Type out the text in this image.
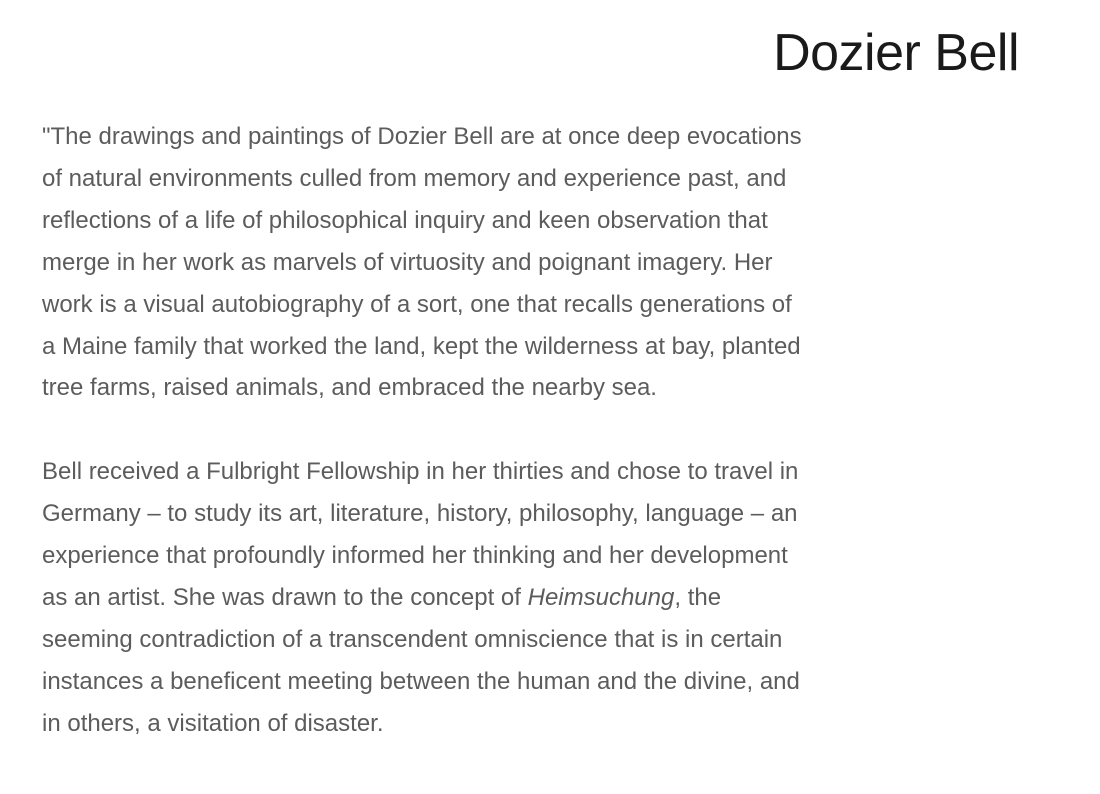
Dozier Bell

"The drawings and paintings of Dozier Bell are at once deep evocations
of natural environments culled from memory and experience past, and
reflections of a life of philosophical inquiry and keen observation that
merge in her work as marvels of virtuosity and poignant imagery. Her
work is a visual autobiography of a sort, one that recalls generations of
a Maine family that worked the land, kept the wilderness at bay, planted
tree farms, raised animals, and embraced the nearby sea.

Bell received a Fulbright Fellowship in her thirties and chose to travel in
Germany – to study its art, literature, history, philosophy, language – an
experience that profoundly informed her thinking and her development
as an artist. She was drawn to the concept of Heimsuchung, the
seeming contradiction of a transcendent omniscience that is in certain
instances a beneficent meeting between the human and the divine, and
in others, a visitation of disaster.
